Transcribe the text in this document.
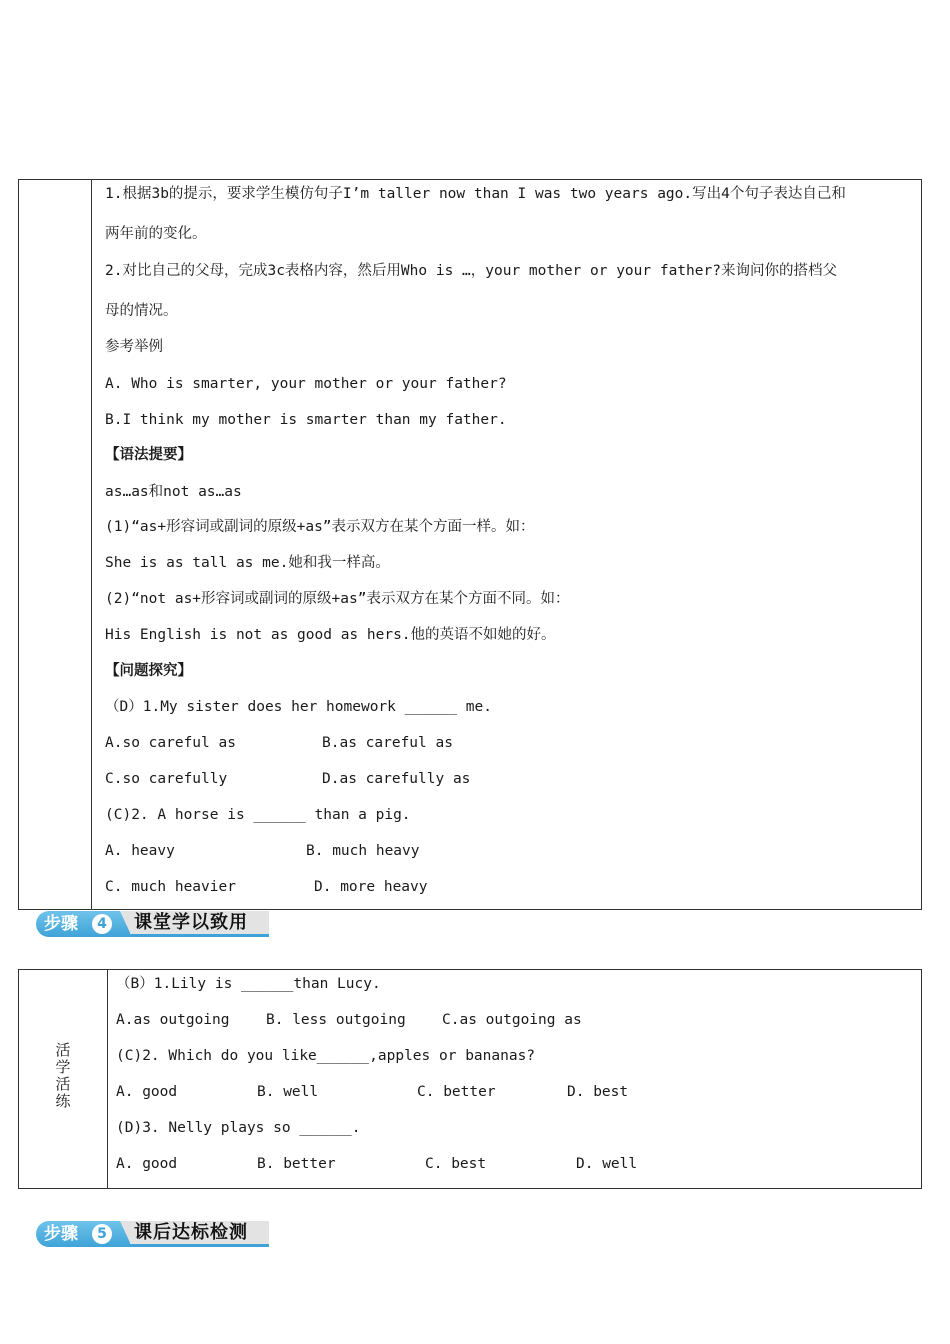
1.根据3b的提示，要求学生模仿句子I’m taller now than I was two years ago.写出4个句子表达自己和
两年前的变化。
2.对比自己的父母，完成3c表格内容，然后用Who is …，your mother or your father?来询问你的搭档父
母的情况。
参考举例
A. Who is smarter, your mother or your father?
B.I think my mother is smarter than my father.
【语法提要】
as…as和not as…as
(1)“as+形容词或副词的原级+as”表示双方在某个方面一样。如：
She is as tall as me.她和我一样高。
(2)“not as+形容词或副词的原级+as”表示双方在某个方面不同。如：
His English is not as good as hers.他的英语不如她的好。
【问题探究】
（D）1.My sister does her homework ______ me.
A.so careful as	B.as careful as
C.so carefully	D.as carefully as
(C)2. A horse is ______ than a pig.
A. heavy	B. much heavy
C. much heavier	D. more heavy
步骤	4 课堂学以致用
活
学
活
练
（B）1.Lily is ______than Lucy.
A.as outgoing	B. less outgoing	C.as outgoing as
(C)2. Which do you like______,apples or bananas?
A. good	B. well	C. better	D. best
(D)3. Nelly plays so ______.
A. good	B. better	C. best	D. well
步骤	5 课后达标检测
